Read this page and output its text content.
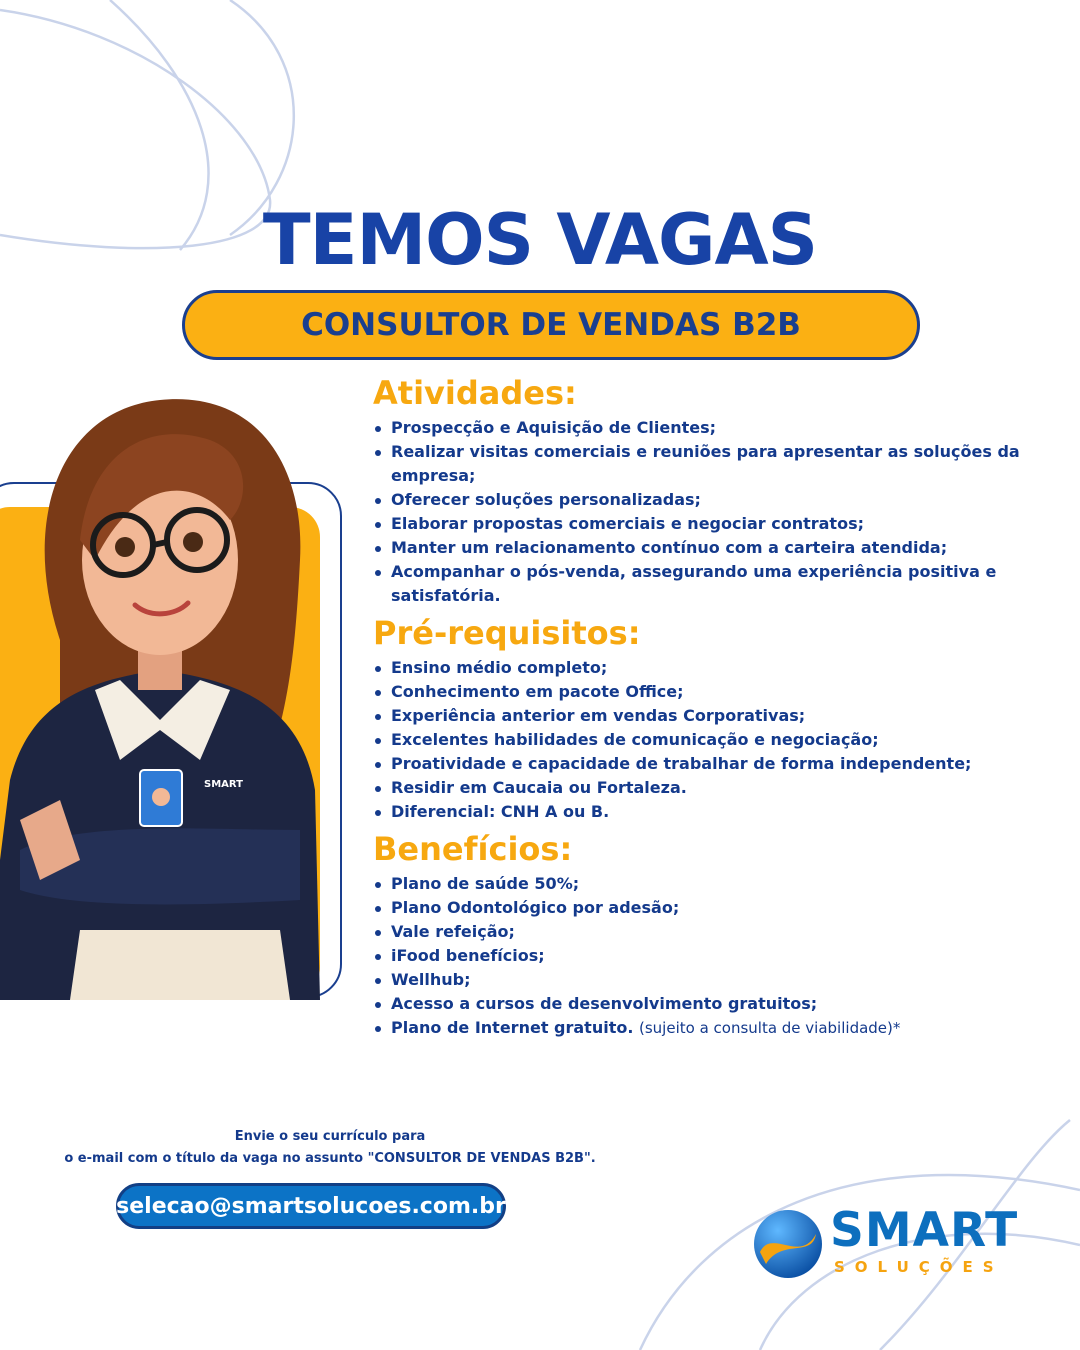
TEMOS VAGAS
CONSULTOR DE VENDAS B2B
SMART
Atividades:
Prospecção e Aquisição de Clientes;
Realizar visitas comerciais e reuniões para apresentar as soluções da empresa;
Oferecer soluções personalizadas;
Elaborar propostas comerciais e negociar contratos;
Manter um relacionamento contínuo com a carteira atendida;
Acompanhar o pós-venda, assegurando uma experiência positiva e satisfatória.
Pré-requisitos:
Ensino médio completo;
Conhecimento em pacote Office;
Experiência anterior em vendas Corporativas;
Excelentes habilidades de comunicação e negociação;
Proatividade e capacidade de trabalhar de forma independente;
Residir em Caucaia ou Fortaleza.
Diferencial: CNH A ou B.
Benefícios:
Plano de saúde 50%;
Plano Odontológico por adesão;
Vale refeição;
iFood benefícios;
Wellhub;
Acesso a cursos de desenvolvimento gratuitos;
Plano de Internet gratuito. (sujeito a consulta de viabilidade)*
Envie o seu currículo para
o e-mail com o título da vaga no assunto "CONSULTOR DE VENDAS B2B".
selecao@smartsolucoes.com.br	SMART
SOLUÇÕES
